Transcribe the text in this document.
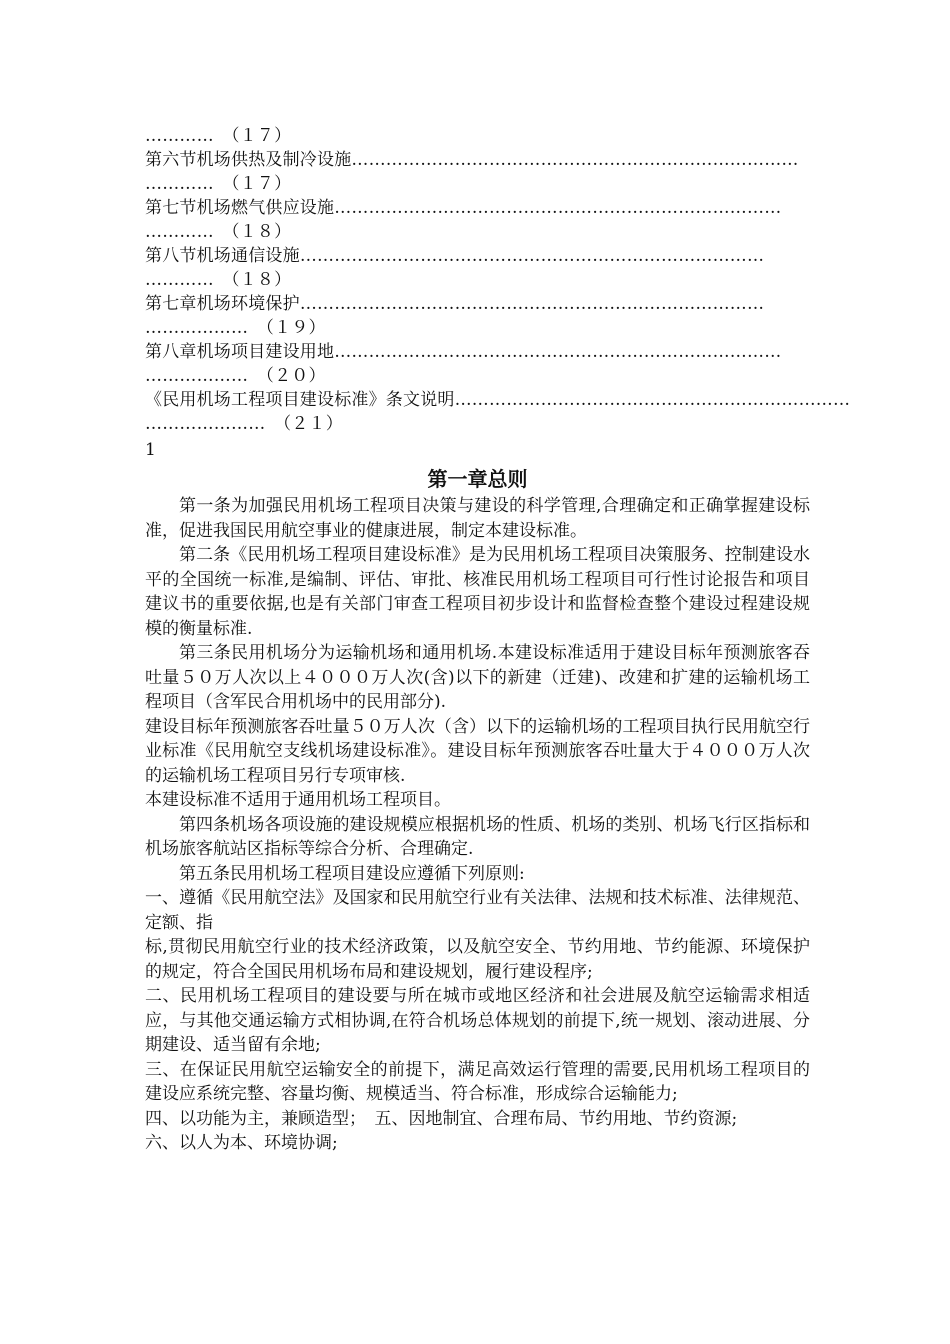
…………  （１７）
第六节机场供热及制冷设施……………………………………………………………………
…………  （１７）
第七节机场燃气供应设施……………………………………………………………………
…………  （１８）
第八节机场通信设施………………………………………………………………………
…………  （１８）
第七章机场环境保护………………………………………………………………………
………………  （１９）
第八章机场项目建设用地……………………………………………………………………
………………  （２０）
《民用机场工程项目建设标准》条文说明……………………………………………………………
…………………  （２１）
1
第一章总则

第一条为加强民用机场工程项目决策与建设的科学管理,合理确定和正确掌握建设标准，促进我国民用航空事业的健康进展，制定本建设标准。

第二条《民用机场工程项目建设标准》是为民用机场工程项目决策服务、控制建设水平的全国统一标准,是编制、评估、审批、核准民用机场工程项目可行性讨论报告和项目建议书的重要依据,也是有关部门审查工程项目初步设计和监督检查整个建设过程建设规模的衡量标准.

第三条民用机场分为运输机场和通用机场.本建设标准适用于建设目标年预测旅客吞吐量５０万人次以上４０００万人次(含)以下的新建（迁建)、改建和扩建的运输机场工程项目（含军民合用机场中的民用部分).

建设目标年预测旅客吞吐量５０万人次（含）以下的运输机场的工程项目执行民用航空行业标准《民用航空支线机场建设标准》。建设目标年预测旅客吞吐量大于４０００万人次的运输机场工程项目另行专项审核.

本建设标准不适用于通用机场工程项目。

第四条机场各项设施的建设规模应根据机场的性质、机场的类别、机场飞行区指标和机场旅客航站区指标等综合分析、合理确定.

第五条民用机场工程项目建设应遵循下列原则:

一、遵循《民用航空法》及国家和民用航空行业有关法律、法规和技术标准、法律规范、定额、指

标,贯彻民用航空行业的技术经济政策，以及航空安全、节约用地、节约能源、环境保护的规定，符合全国民用机场布局和建设规划，履行建设程序;

二、民用机场工程项目的建设要与所在城市或地区经济和社会进展及航空运输需求相适应，与其他交通运输方式相协调,在符合机场总体规划的前提下,统一规划、滚动进展、分期建设、适当留有余地;

三、在保证民用航空运输安全的前提下，满足高效运行管理的需要,民用机场工程项目的建设应系统完整、容量均衡、规模适当、符合标准，形成综合运输能力;

四、以功能为主，兼顾造型；　五、因地制宜、合理布局、节约用地、节约资源;

六、以人为本、环境协调;
